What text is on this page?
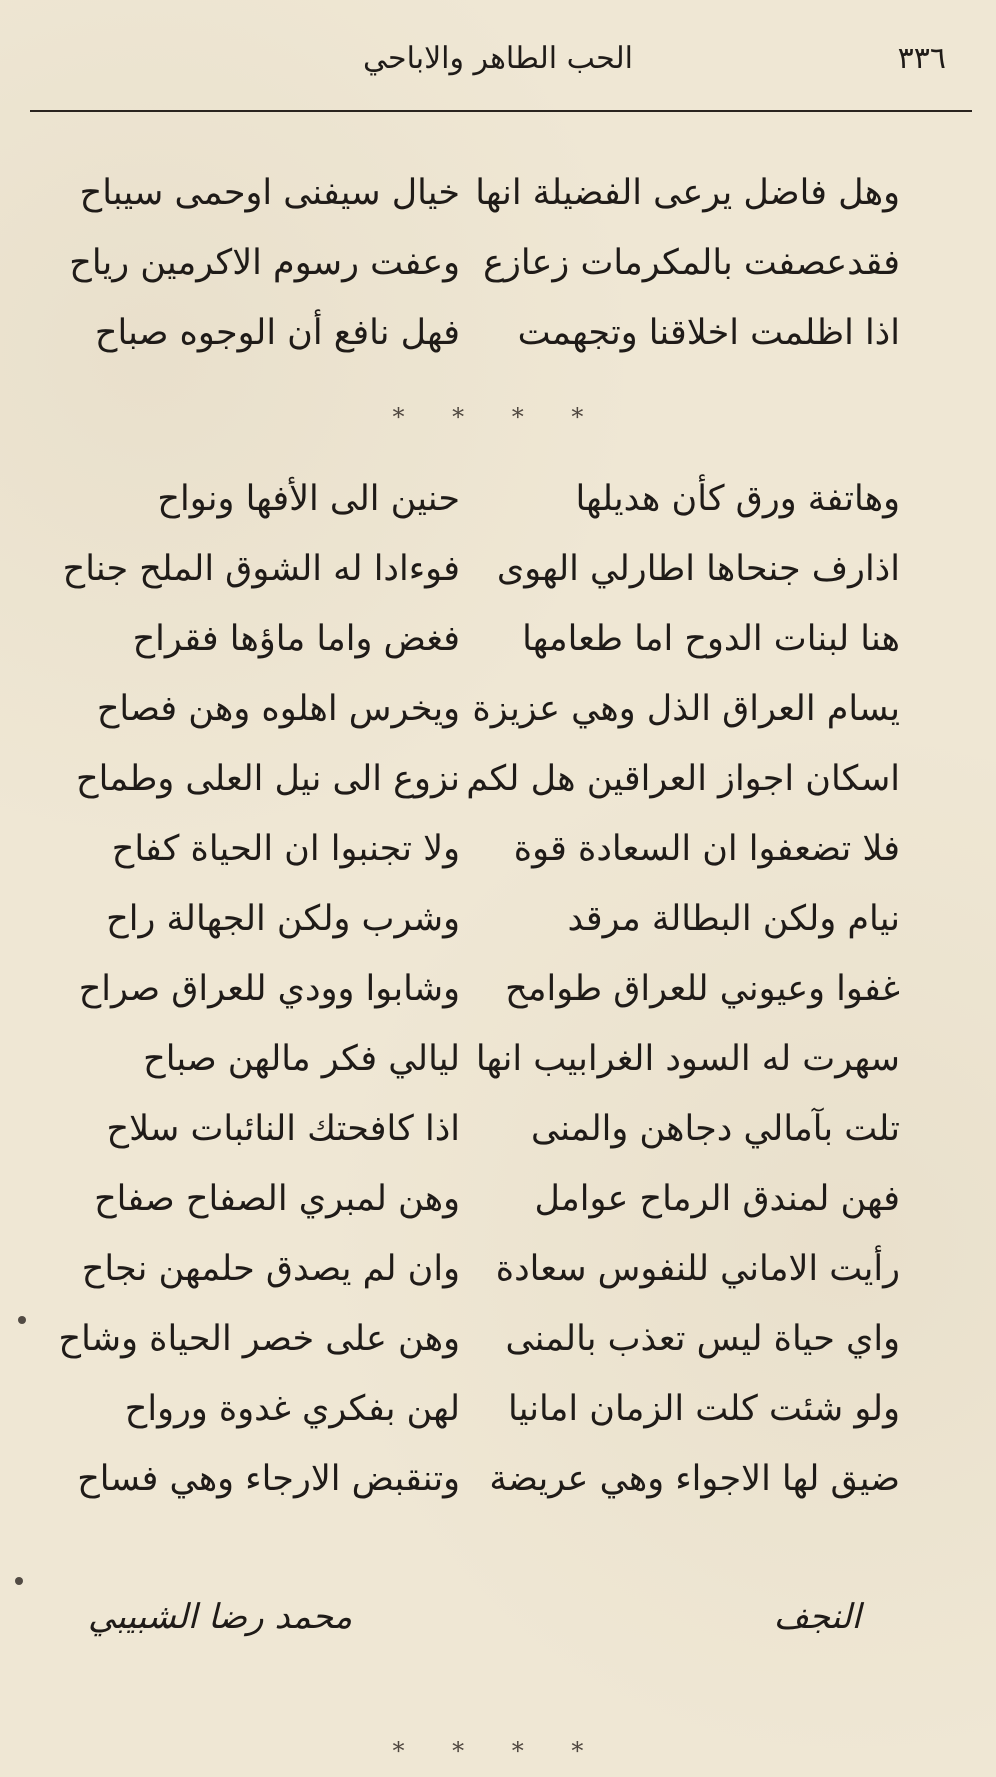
٣٣٦
الحب الطاهر والاباحي
وهل فاضل يرعى الفضيلة انها
خيال سيفنى اوحمى سيباح
فقدعصفت بالمكرمات زعازع
وعفت رسوم الاكرمين رياح
اذا اظلمت اخلاقنا وتجهمت
فهل نافع أن الوجوه صباح
* * * *
وهاتفة ورق كأن هديلها
حنين الى الأفها ونواح
اذارف جنحاها اطارلي الهوى
فوءادا له الشوق الملح جناح
هنا لبنات الدوح اما طعامها
فغض واما ماؤها فقراح
يسام العراق الذل وهي عزيزة
ويخرس اهلوه وهن فصاح
اسكان اجواز العراقين هل لكم
نزوع الى نيل العلى وطماح
فلا تضعفوا ان السعادة قوة
ولا تجنبوا ان الحياة كفاح
نيام ولكن البطالة مرقد
وشرب ولكن الجهالة راح
غفوا وعيوني للعراق طوامح
وشابوا وودي للعراق صراح
سهرت له السود الغرابيب انها
ليالي فكر مالهن صباح
تلت بآمالي دجاهن والمنى
اذا كافحتك النائبات سلاح
فهن لمندق الرماح عوامل
وهن لمبري الصفاح صفاح
رأيت الاماني للنفوس سعادة
وان لم يصدق حلمهن نجاح
واي حياة ليس تعذب بالمنى
وهن على خصر الحياة وشاح
ولو شئت كلت الزمان امانيا
لهن بفكري غدوة ورواح
ضيق لها الاجواء وهي عريضة
وتنقبض الارجاء وهي فساح
النجف
محمد رضا الشبيبي
* * * *
